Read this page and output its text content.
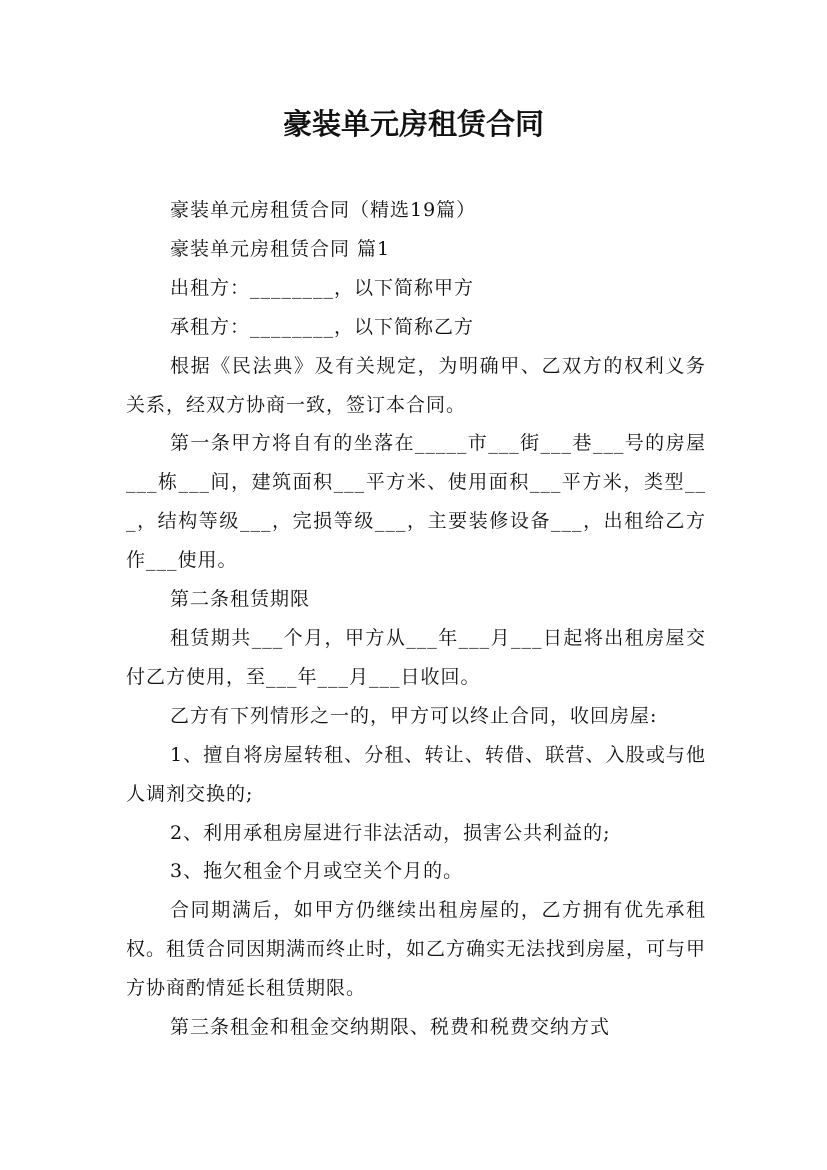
豪装单元房租赁合同

豪装单元房租赁合同（精选19篇）

豪装单元房租赁合同 篇1

出租方：________，以下简称甲方

承租方：________，以下简称乙方

根据《民法典》及有关规定，为明确甲、乙双方的权利义务关系，经双方协商一致，签订本合同。

第一条甲方将自有的坐落在_____市___街___巷___号的房屋___栋___间，建筑面积___平方米、使用面积___平方米，类型___，结构等级___，完损等级___，主要装修设备___，出租给乙方作___使用。

第二条租赁期限

租赁期共___个月，甲方从___年___月___日起将出租房屋交付乙方使用，至___年___月___日收回。

乙方有下列情形之一的，甲方可以终止合同，收回房屋:

1、擅自将房屋转租、分租、转让、转借、联营、入股或与他人调剂交换的;

2、利用承租房屋进行非法活动，损害公共利益的;

3、拖欠租金个月或空关个月的。

合同期满后，如甲方仍继续出租房屋的，乙方拥有优先承租权。租赁合同因期满而终止时，如乙方确实无法找到房屋，可与甲方协商酌情延长租赁期限。

第三条租金和租金交纳期限、税费和税费交纳方式
